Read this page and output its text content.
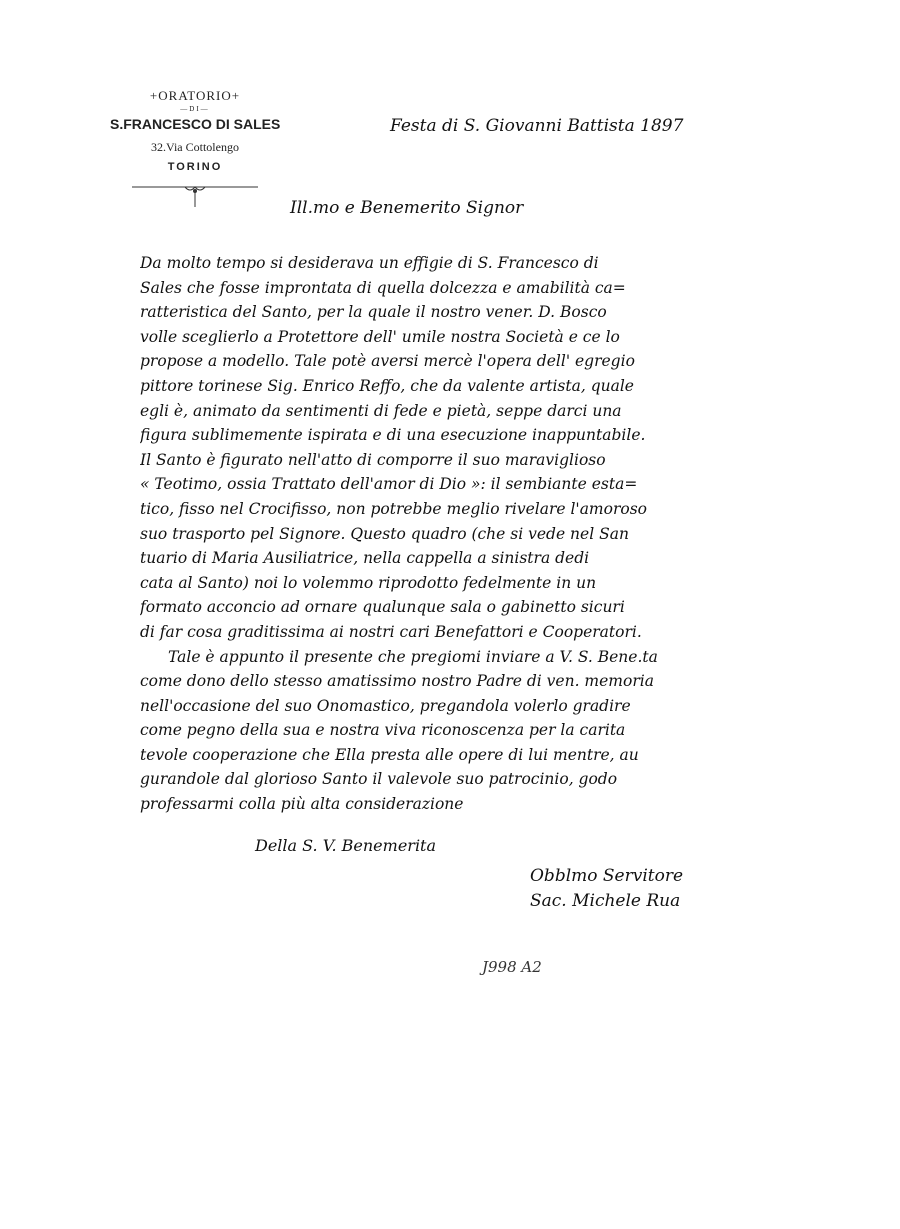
+ORATORIO+
—DI—
S.FRANCESCO DI SALES
32.Via Cottolengo
TORINO
Festa di S. Giovanni Battista 1897
Ill.mo e Benemerito Signor
Da molto tempo si desiderava un effigie di S. Francesco di
Sales che fosse improntata di quella dolcezza e amabilità ca=
ratteristica del Santo, per la quale il nostro vener. D. Bosco
volle sceglierlo a Protettore dell' umile nostra Società e ce lo
propose a modello. Tale potè aversi mercè l'opera dell' egregio
pittore torinese Sig. Enrico Reffo, che da valente artista, quale
egli è, animato da sentimenti di fede e pietà, seppe darci una
figura sublimemente ispirata e di una esecuzione inappuntabile.
Il Santo è figurato nell'atto di comporre il suo maraviglioso
« Teotimo, ossia Trattato dell'amor di Dio »: il sembiante esta=
tico, fisso nel Crocifisso, non potrebbe meglio rivelare l'amoroso
suo trasporto pel Signore. Questo quadro (che si vede nel San
tuario di Maria Ausiliatrice, nella cappella a sinistra dedi
cata al Santo) noi lo volemmo riprodotto fedelmente in un
formato acconcio ad ornare qualunque sala o gabinetto sicuri
di far cosa graditissima ai nostri cari Benefattori e Cooperatori.
Tale è appunto il presente che pregiomi inviare a V. S. Bene.ta
come dono dello stesso amatissimo nostro Padre di ven. memoria
nell'occasione del suo Onomastico, pregandola volerlo gradire
come pegno della sua e nostra viva riconoscenza per la carita
tevole cooperazione che Ella presta alle opere di lui mentre, au
gurandole dal glorioso Santo il valevole suo patrocinio, godo
professarmi colla più alta considerazione
Della S. V. Benemerita
Obblmo Servitore
Sac. Michele Rua
J998 A2
